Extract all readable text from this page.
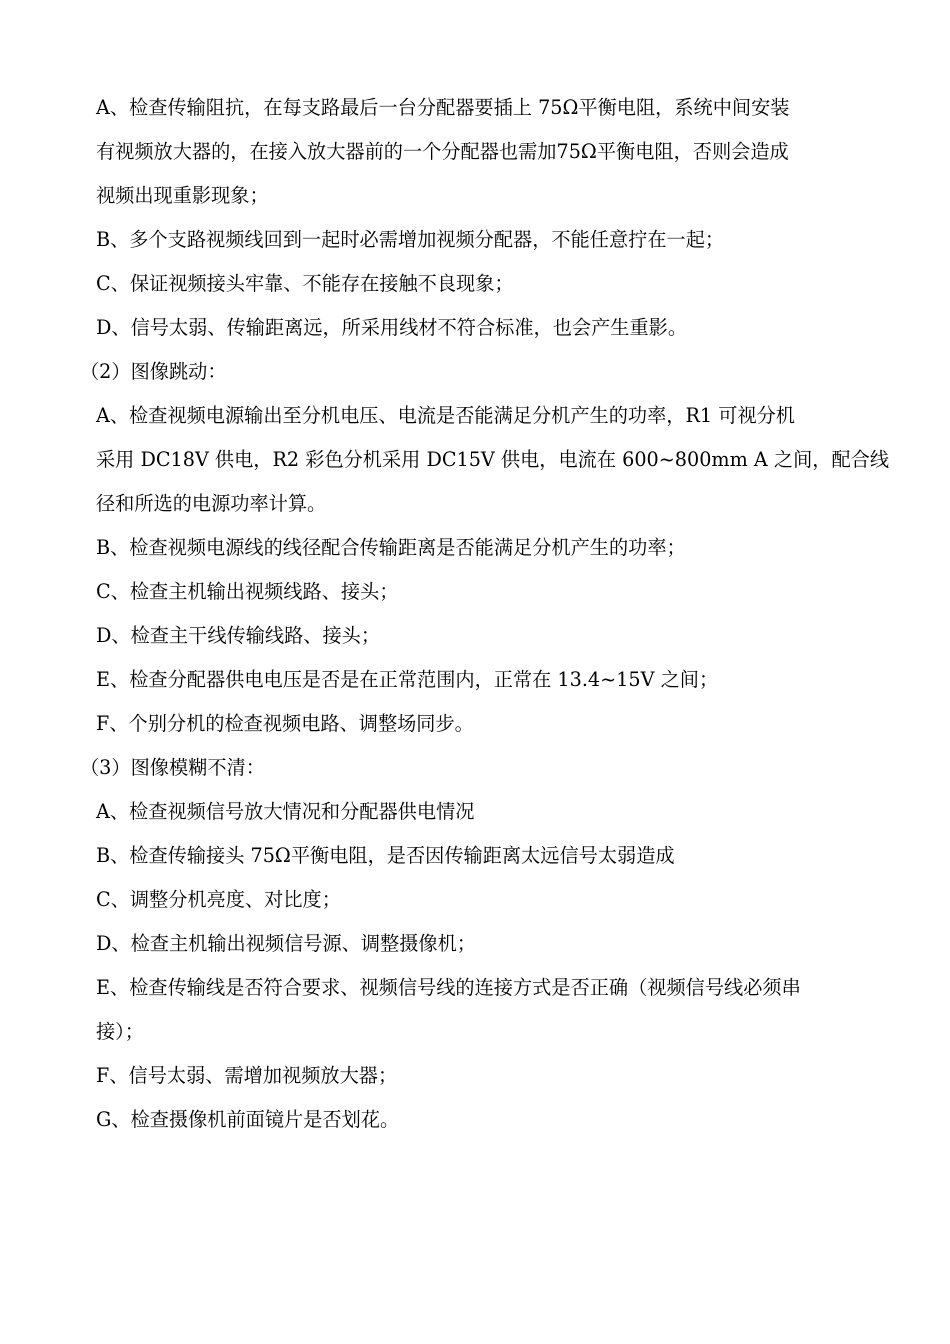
A、检查传输阻抗，在每支路最后一台分配器要插上 75Ω平衡电阻，系统中间安装
有视频放大器的，在接入放大器前的一个分配器也需加75Ω平衡电阻，否则会造成
视频出现重影现象；
B、多个支路视频线回到一起时必需增加视频分配器，不能任意拧在一起；
C、保证视频接头牢靠、不能存在接触不良现象；
D、信号太弱、传输距离远，所采用线材不符合标准，也会产生重影。
（2）图像跳动：
A、检查视频电源输出至分机电压、电流是否能满足分机产生的功率，R1 可视分机
采用 DC18V 供电，R2 彩色分机采用 DC15V 供电，电流在 600~800mm A 之间，配合线
径和所选的电源功率计算。
B、检查视频电源线的线径配合传输距离是否能满足分机产生的功率；
C、检查主机输出视频线路、接头；
D、检查主干线传输线路、接头；
E、检查分配器供电电压是否是在正常范围内，正常在 13.4~15V 之间；
F、个别分机的检查视频电路、调整场同步。
（3）图像模糊不清：
A、检查视频信号放大情况和分配器供电情况
B、检查传输接头 75Ω平衡电阻，是否因传输距离太远信号太弱造成
C、调整分机亮度、对比度；
D、检查主机输出视频信号源、调整摄像机；
E、检查传输线是否符合要求、视频信号线的连接方式是否正确（视频信号线必须串
接）；
F、信号太弱、需增加视频放大器；
G、检查摄像机前面镜片是否划花。
